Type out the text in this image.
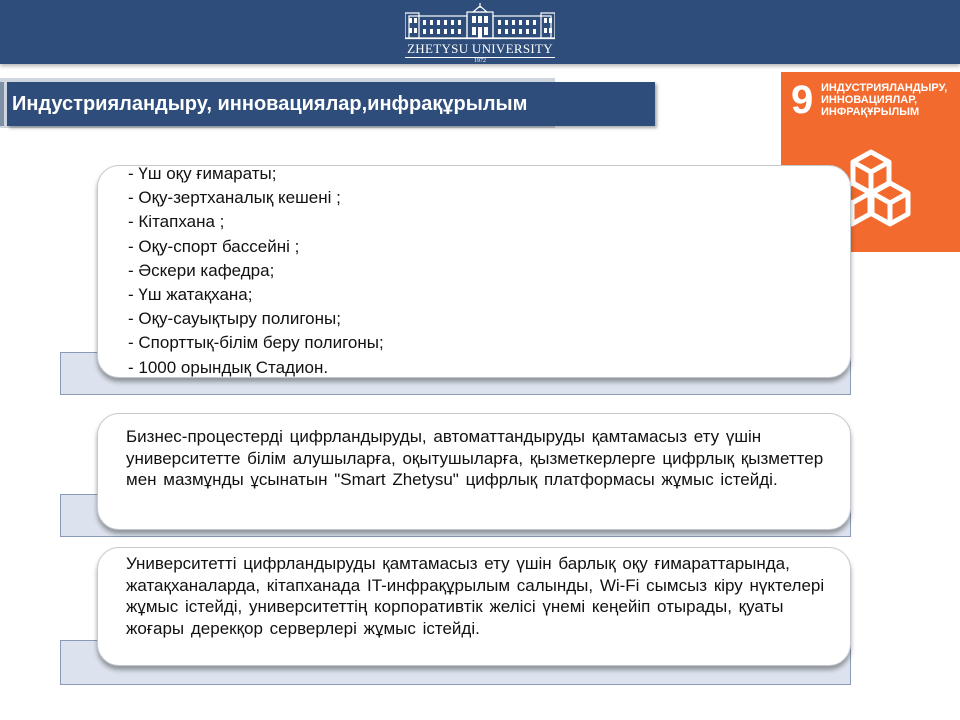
ZHETYSU UNIVERSITY
1972
Индустрияландыру, инновациялар,инфрақұрылым	9 ИНДУСТРИЯЛАНДЫРУ,
ИННОВАЦИЯЛАР,
ИНФРАҚҰРЫЛЫМ
- Үш оқу ғимараты;
- Оқу-зертханалық кешені ;
- Кітапхана ;
- Оқу-спорт бассейні ;
- Әскери кафедра;
- Үш жатақхана;
- Оқу-сауықтыру полигоны;
- Спорттық-білім беру полигоны;
- 1000 орындық Стадион.
Бизнес-процестерді цифрландыруды, автоматтандыруды қамтамасыз ету үшін университетте білім алушыларға, оқытушыларға, қызметкерлерге цифрлық қызметтер мен мазмұнды ұсынатын "Smart Zhetysu" цифрлық платформасы жұмыс істейді.
Университетті цифрландыруды қамтамасыз ету үшін барлық оқу ғимараттарында, жатақханаларда, кітапханада IT-инфрақұрылым салынды, Wi-Fi сымсыз кіру нүктелері жұмыс істейді, университеттің корпоративтік желісі үнемі кеңейіп отырады, қуаты жоғары дерекқор серверлері жұмыс істейді.
